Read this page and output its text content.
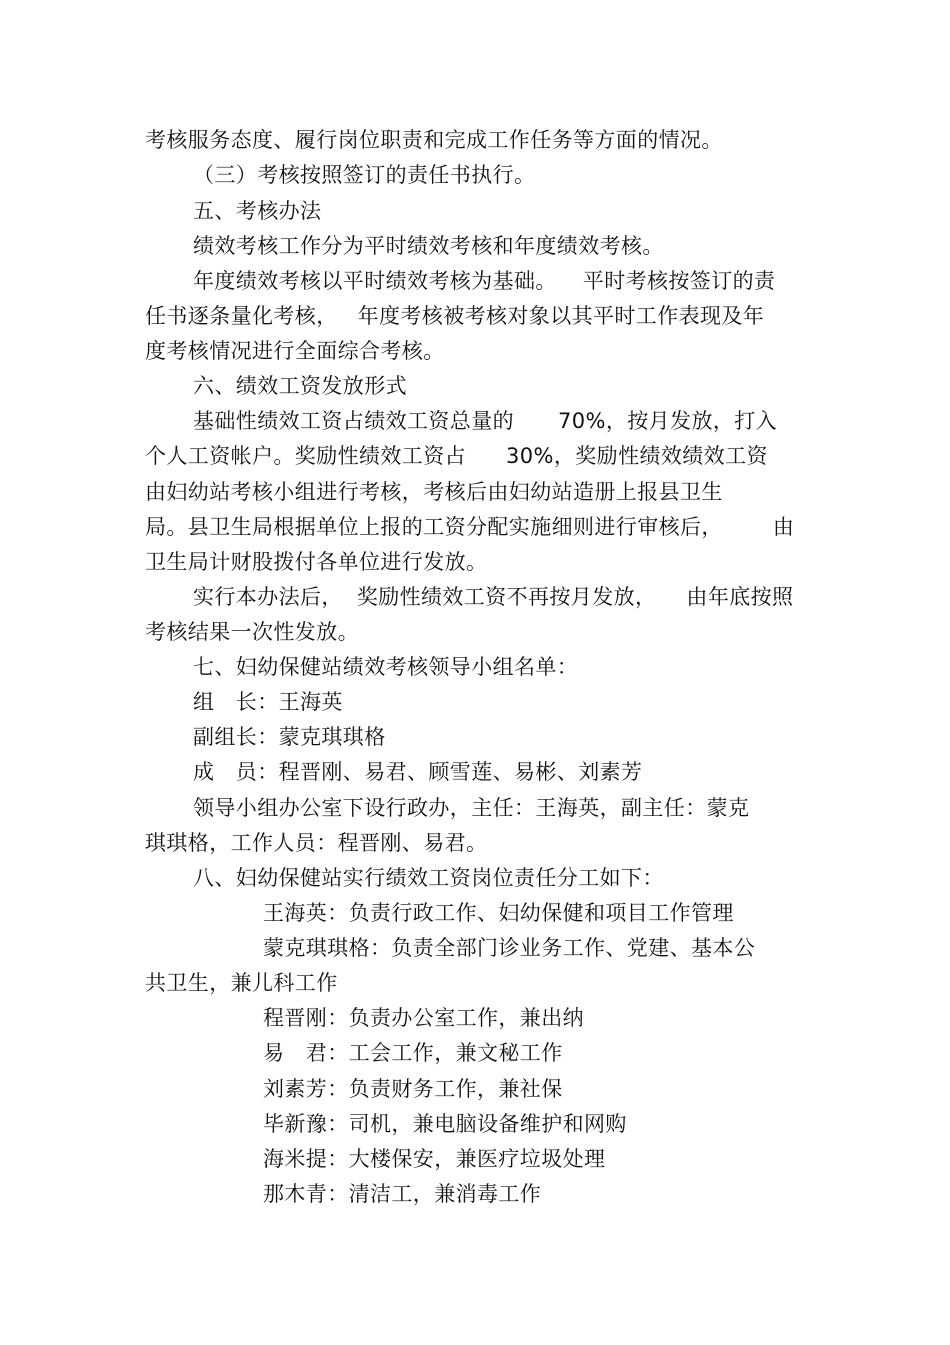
考核服务态度、履行岗位职责和完成工作任务等方面的情况。
（三）考核按照签订的责任书执行。
五、考核办法
绩效考核工作分为平时绩效考核和年度绩效考核。
年度绩效考核以平时绩效考核为基础。 平时考核按签订的责
任书逐条量化考核， 年度考核被考核对象以其平时工作表现及年
度考核情况进行全面综合考核。
六、绩效工资发放形式
基础性绩效工资占绩效工资总量的 70%，按月发放，打入
个人工资帐户。奖励性绩效工资占 30%，奖励性绩效绩效工资
由妇幼站考核小组进行考核，考核后由妇幼站造册上报县卫生
局。县卫生局根据单位上报的工资分配实施细则进行审核后， 由
卫生局计财股拨付各单位进行发放。
实行本办法后， 奖励性绩效工资不再按月发放， 由年底按照
考核结果一次性发放。
七、妇幼保健站绩效考核领导小组名单：
组　长：王海英
副组长：蒙克琪琪格
成　员：程晋刚、易君、顾雪莲、易彬、刘素芳
领导小组办公室下设行政办，主任：王海英，副主任：蒙克
琪琪格，工作人员：程晋刚、易君。
八、妇幼保健站实行绩效工资岗位责任分工如下：
王海英：负责行政工作、妇幼保健和项目工作管理
蒙克琪琪格：负责全部门诊业务工作、党建、基本公
共卫生，兼儿科工作
程晋刚：负责办公室工作，兼出纳
易　君：工会工作，兼文秘工作
刘素芳：负责财务工作，兼社保
毕新豫：司机，兼电脑设备维护和网购
海米提：大楼保安，兼医疗垃圾处理
那木青：清洁工，兼消毒工作
